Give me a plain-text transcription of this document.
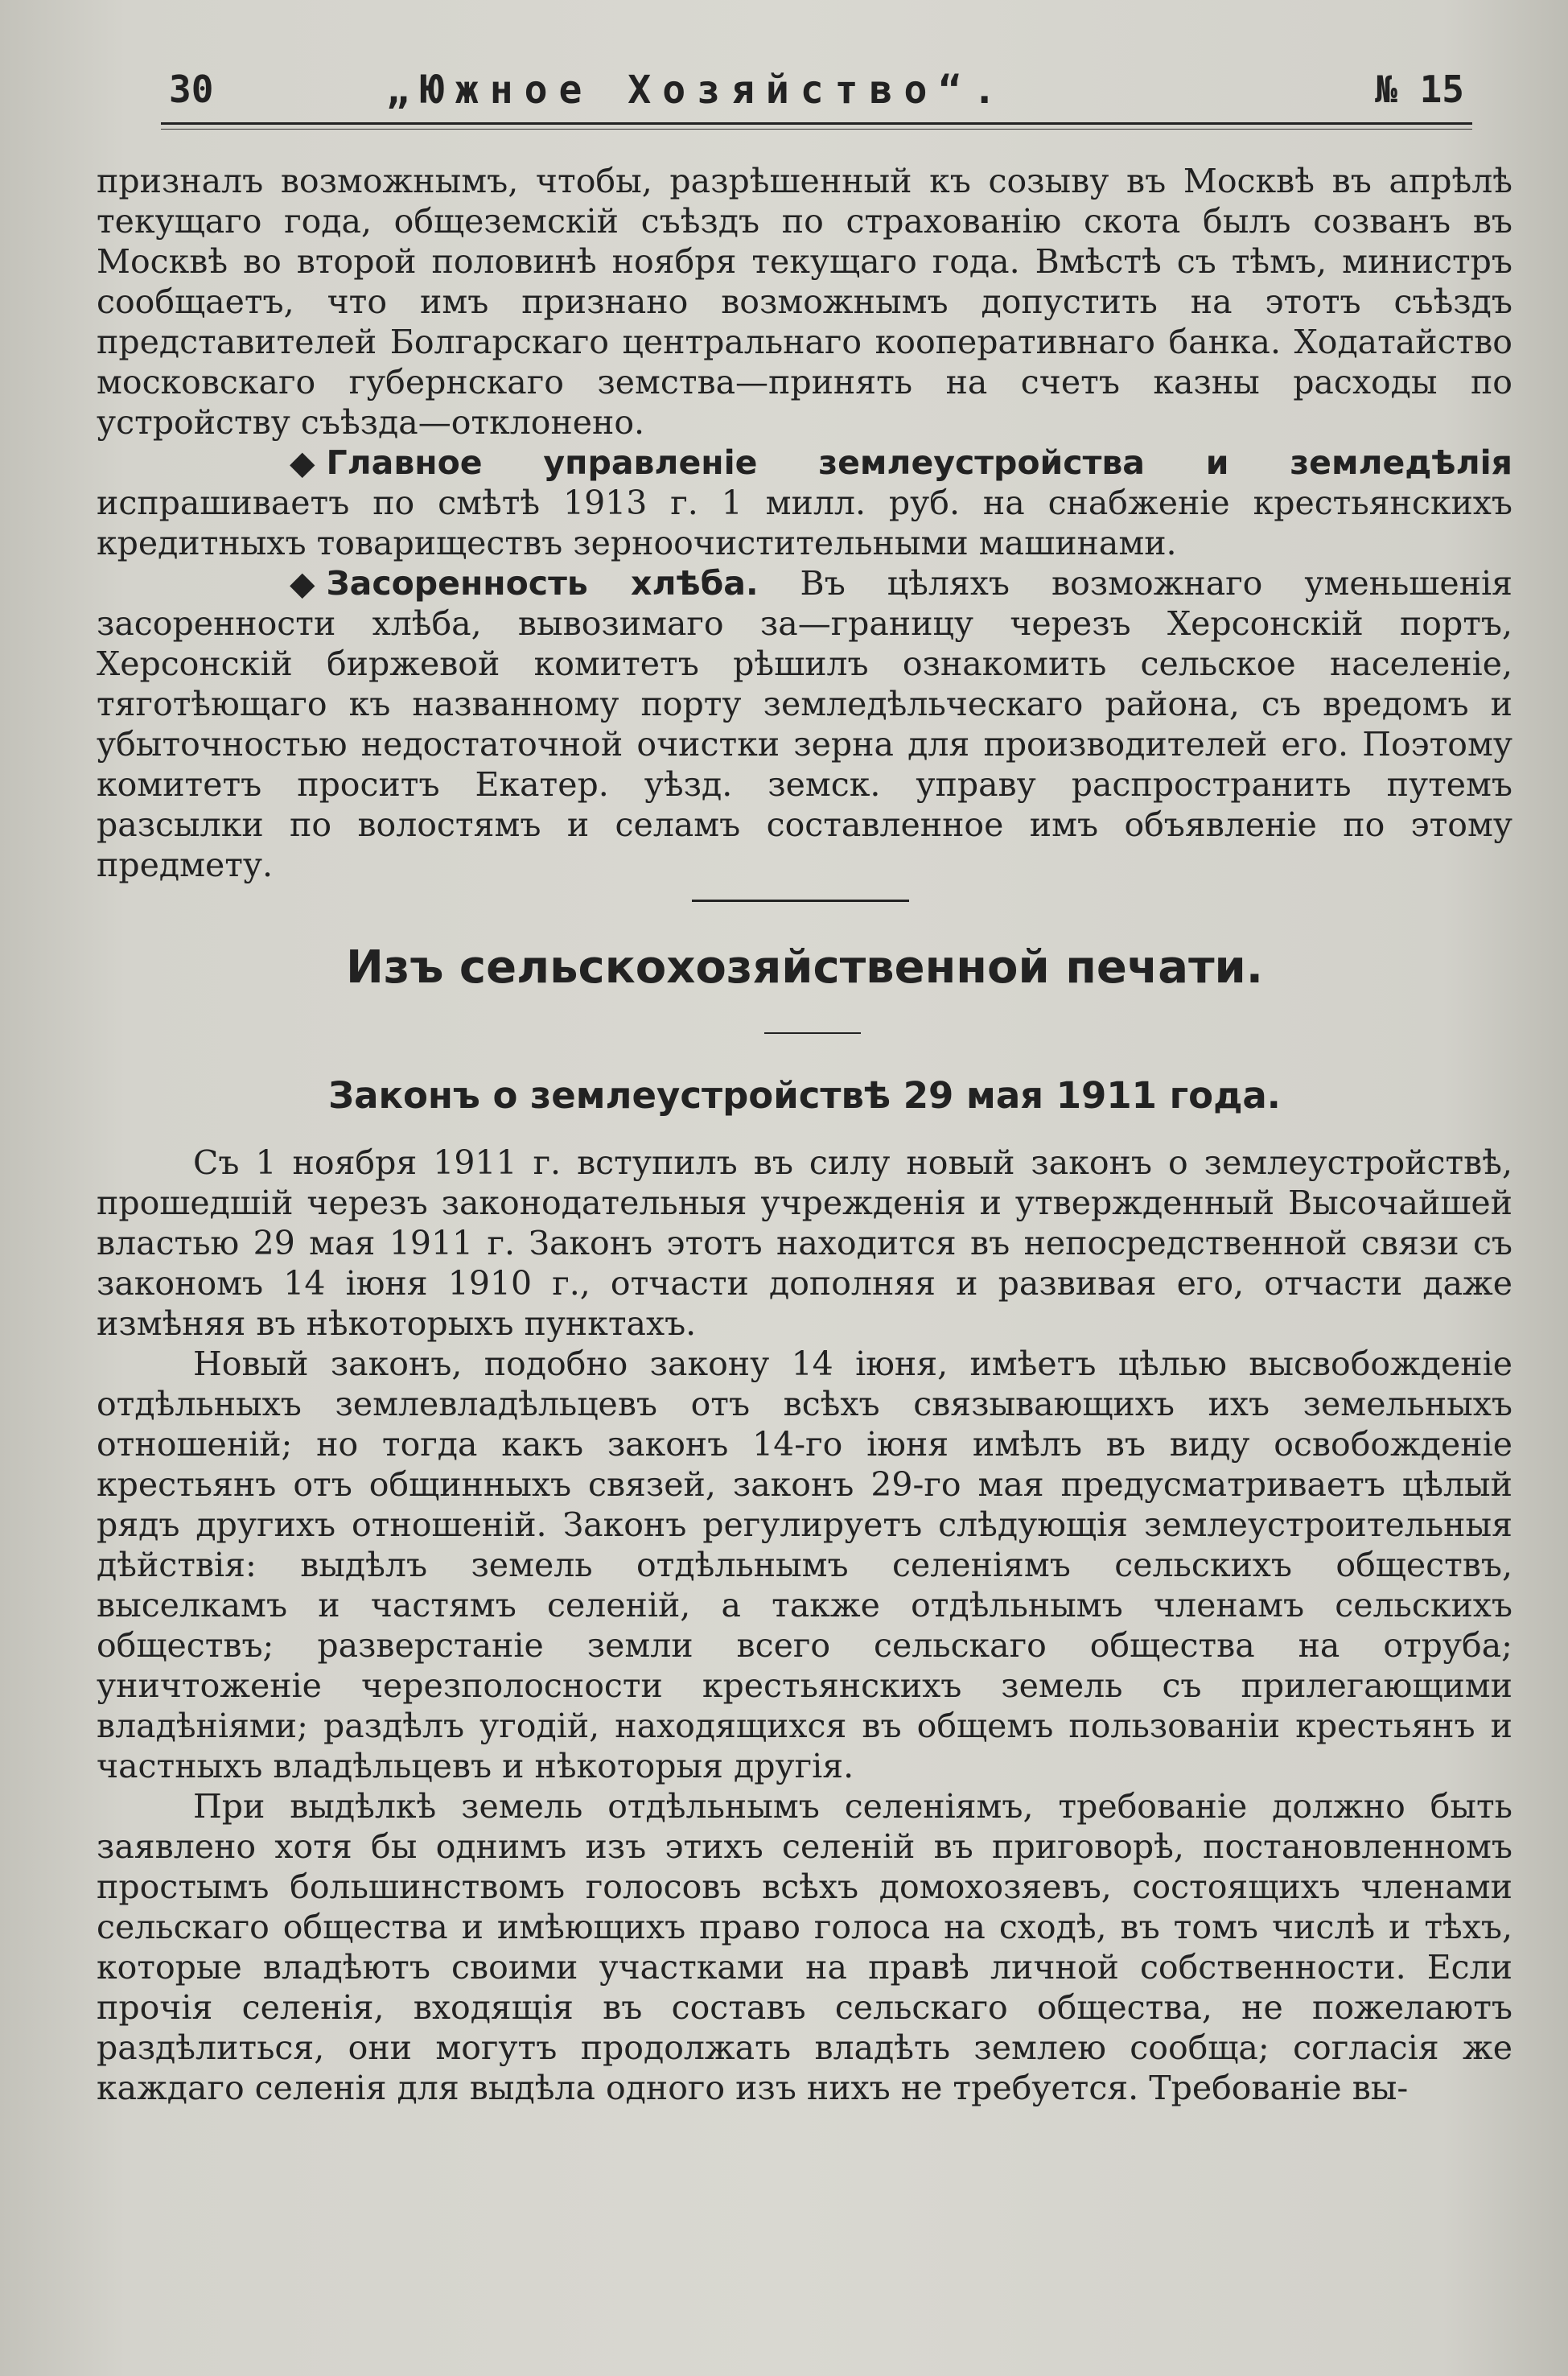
30	„Южное Хозяйство“.	№ 15

призналъ возможнымъ, чтобы, разрѣшенный къ созыву въ Москвѣ въ апрѣлѣ текущаго года, общеземскій съѣздъ по страхованію скота былъ созванъ въ Москвѣ во второй половинѣ ноября текущаго года. Вмѣстѣ съ тѣмъ, министръ сообщаетъ, что имъ признано возможнымъ допустить на этотъ съѣздъ представителей Болгарскаго центральнаго кооперативнаго банка. Ходатайство московскаго губернскаго земства—принять на счетъ казны расходы по устройству съѣзда—отклонено.

◆ Главное управленіе землеустройства и земледѣлія испрашиваетъ по смѣтѣ 1913 г. 1 милл. руб. на снабженіе крестьянскихъ кредитныхъ товариществъ зерноочистительными машинами.

◆ Засоренность хлѣба. Въ цѣляхъ возможнаго уменьшенія засоренности хлѣба, вывозимаго за—границу черезъ Херсонскій портъ, Херсонскій биржевой комитетъ рѣшилъ ознакомить сельское населеніе, тяготѣющаго къ названному порту земледѣльческаго района, съ вредомъ и убыточностью недостаточной очистки зерна для производителей его. Поэтому комитетъ проситъ Екатер. уѣзд. земск. управу распространить путемъ разсылки по волостямъ и селамъ составленное имъ объявленіе по этому предмету.

Изъ сельскохозяйственной печати.
Законъ о землеустройствѣ 29 мая 1911 года.

Съ 1 ноября 1911 г. вступилъ въ силу новый законъ о землеустройствѣ, прошедшій черезъ законодательныя учрежденія и утвержденный Высочайшей властью 29 мая 1911 г. Законъ этотъ находится въ непосредственной связи съ закономъ 14 іюня 1910 г., отчасти дополняя и развивая его, отчасти даже измѣняя въ нѣкоторыхъ пунктахъ.

Новый законъ, подобно закону 14 іюня, имѣетъ цѣлью высвобожденіе отдѣльныхъ землевладѣльцевъ отъ всѣхъ связывающихъ ихъ земельныхъ отношеній; но тогда какъ законъ 14-го іюня имѣлъ въ виду освобожденіе крестьянъ отъ общинныхъ связей, законъ 29-го мая предусматриваетъ цѣлый рядъ другихъ отношеній. Законъ регулируетъ слѣдующія землеустроительныя дѣйствія: выдѣлъ земель отдѣльнымъ селеніямъ сельскихъ обществъ, выселкамъ и частямъ селеній, а также отдѣльнымъ членамъ сельскихъ обществъ; разверстаніе земли всего сельскаго общества на отруба; уничтоженіе черезполосности крестьянскихъ земель съ прилегающими владѣніями; раздѣлъ угодій, находящихся въ общемъ пользованіи крестьянъ и частныхъ владѣльцевъ и нѣкоторыя другія.

При выдѣлкѣ земель отдѣльнымъ селеніямъ, требованіе должно быть заявлено хотя бы однимъ изъ этихъ селеній въ приговорѣ, постановленномъ простымъ большинствомъ голосовъ всѣхъ домохозяевъ, состоящихъ членами сельскаго общества и имѣющихъ право голоса на сходѣ, въ томъ числѣ и тѣхъ, которые владѣютъ своими участками на правѣ личной собственности. Если прочія селенія, входящія въ составъ сельскаго общества, не пожелаютъ раздѣлиться, они могутъ продолжать владѣть землею сообща; согласія же каждаго селенія для выдѣла одного изъ нихъ не требуется. Требованіе вы-
